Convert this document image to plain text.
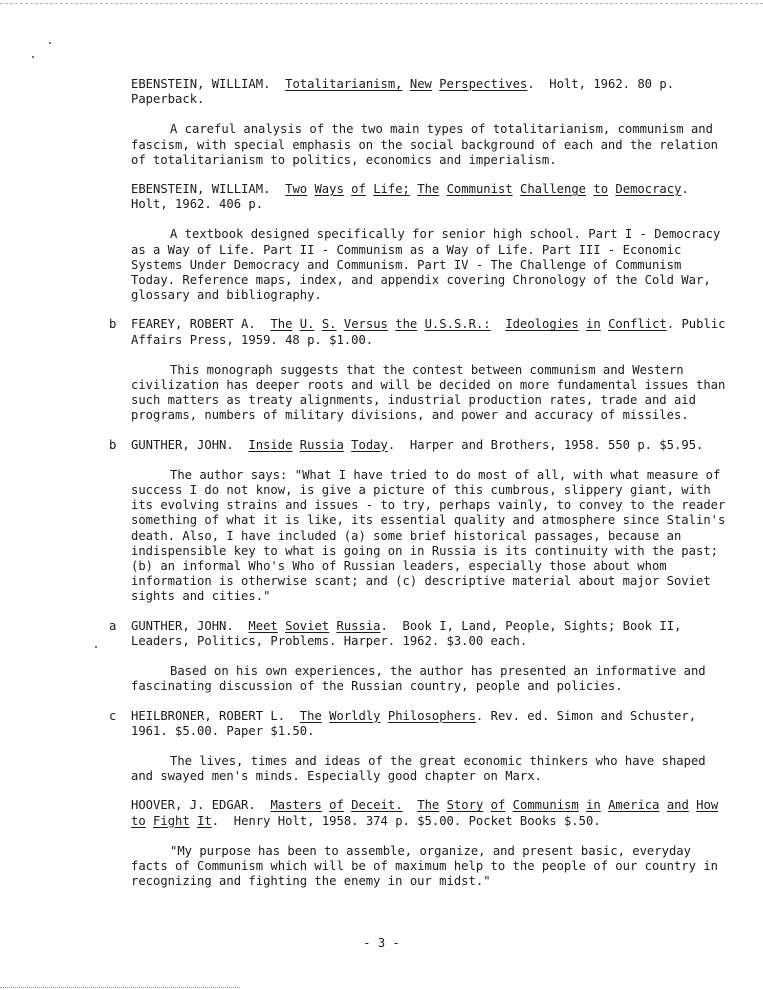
EBENSTEIN, WILLIAM. Totalitarianism, New Perspectives.  Holt, 1962. 80 p. Paperback.

A careful analysis of the two main types of totalitarianism, communism and fascism, with special emphasis on the social background of each and the relation of totalitarianism to politics, economics and imperialism.

EBENSTEIN, WILLIAM. Two Ways of Life; The Communist Challenge to Democracy. Holt, 1962. 406 p.

A textbook designed specifically for senior high school. Part I - Democracy as a Way of Life. Part II - Communism as a Way of Life. Part III - Economic Systems Under Democracy and Communism. Part IV - The Challenge of Communism Today. Reference maps, index, and appendix covering Chronology of the Cold War, glossary and bibliography.

b FEAREY, ROBERT A. The U. S. Versus the U.S.S.R.: Ideologies in Conflict. Public Affairs Press, 1959. 48 p. $1.00.

This monograph suggests that the contest between communism and Western civilization has deeper roots and will be decided on more fundamental issues than such matters as treaty alignments, industrial production rates, trade and aid programs, numbers of military divisions, and power and accuracy of missiles.

b GUNTHER, JOHN. Inside Russia Today.  Harper and Brothers, 1958. 550 p. $5.95.

The author says: "What I have tried to do most of all, with what measure of success I do not know, is give a picture of this cumbrous, slippery giant, with its evolving strains and issues - to try, perhaps vainly, to convey to the reader something of what it is like, its essential quality and atmosphere since Stalin's death. Also, I have included (a) some brief historical passages, because an indispensible key to what is going on in Russia is its continuity with the past; (b) an informal Who's Who of Russian leaders, especially those about whom information is otherwise scant; and (c) descriptive material about major Soviet sights and cities."

a GUNTHER, JOHN. Meet Soviet Russia.  Book I, Land, People, Sights; Book II, Leaders, Politics, Problems. Harper. 1962. $3.00 each.

Based on his own experiences, the author has presented an informative and fascinating discussion of the Russian country, people and policies.

c HEILBRONER, ROBERT L. The Worldly Philosophers. Rev. ed. Simon and Schuster, 1961. $5.00. Paper $1.50.

The lives, times and ideas of the great economic thinkers who have shaped and swayed men's minds. Especially good chapter on Marx.

HOOVER, J. EDGAR. Masters of Deceit. The Story of Communism in America and How to Fight It.  Henry Holt, 1958. 374 p. $5.00. Pocket Books $.50.

"My purpose has been to assemble, organize, and present basic, everyday facts of Communism which will be of maximum help to the people of our country in recognizing and fighting the enemy in our midst."

- 3 -
